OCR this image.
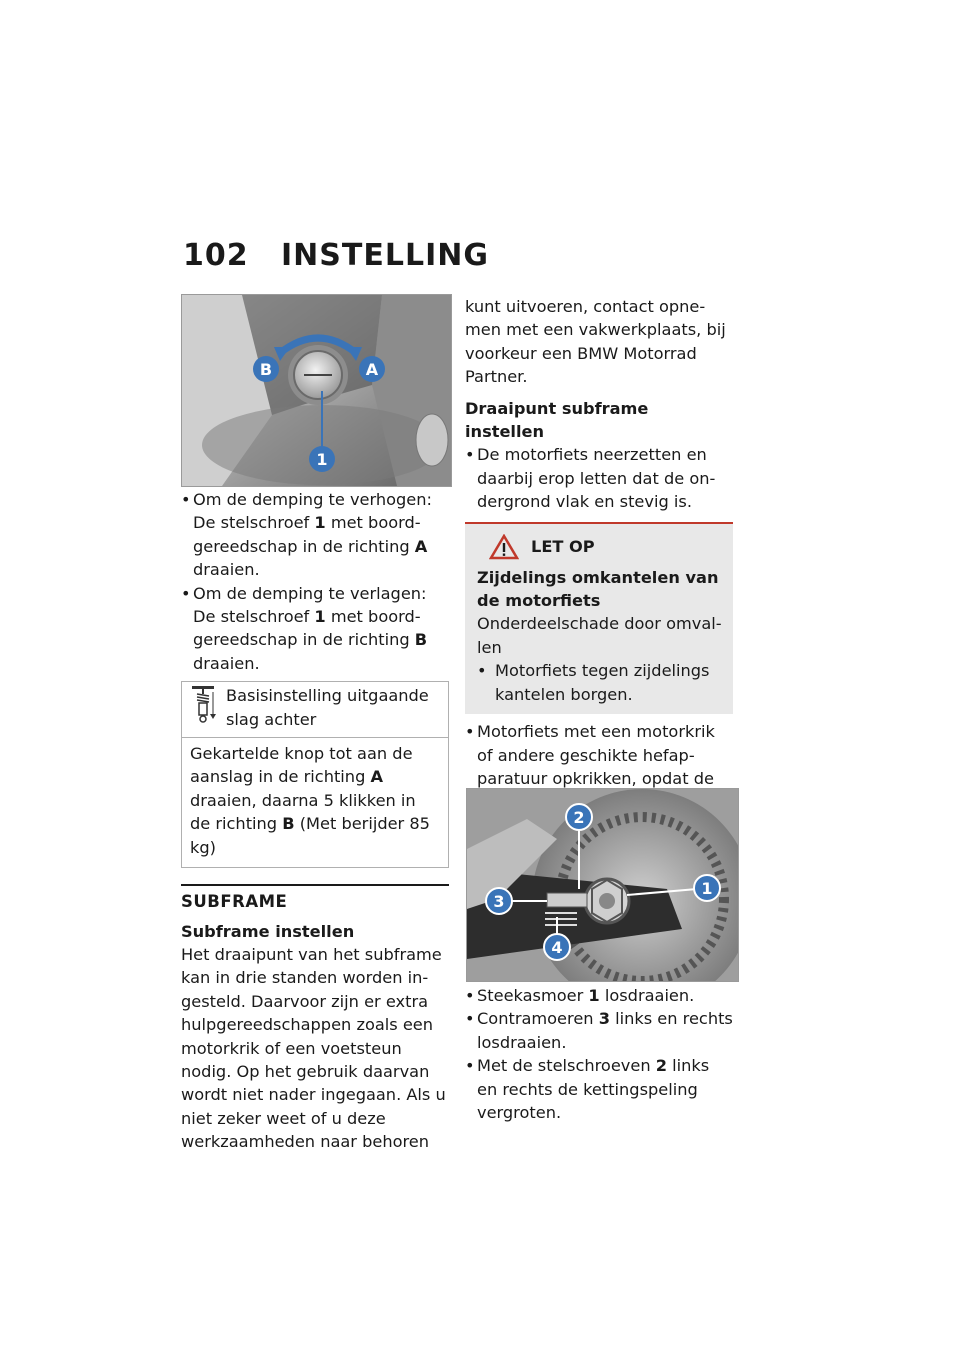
102 INSTELLING
B	A
1
• Om de demping te verhogen: De stelschroef 1 met boordgereedschap in de richting A draaien.
• Om de demping te verlagen: De stelschroef 1 met boordgereedschap in de richting B draaien.
Basisinstelling uitgaande slag achter
Gekartelde knop tot aan de aanslag in de richting A draaien, daarna 5 klikken in de richting B (Met berijder 85 kg)
SUBFRAME
Subframe instellen
Het draaipunt van het subframe kan in drie standen worden ingesteld. Daarvoor zijn er extra hulpgereedschappen zoals een motorkrik of een voetsteun nodig. Op het gebruik daarvan wordt niet nader ingegaan. Als u niet zeker weet of u deze werkzaamheden naar behoren
kunt uitvoeren, contact opnemen met een vakwerkplaats, bij voorkeur een BMW Motorrad Partner.
Draaipunt subframe instellen
• De motorfiets neerzetten en daarbij erop letten dat de ondergrond vlak en stevig is.
LET OP
Zijdelings omkantelen van de motorfiets
Onderdeelschade door omvallen
• Motorfiets tegen zijdelings kantelen borgen.
• Motorfiets met een motorkrik of andere geschikte hefapparatuur opkrikken, opdat de
2
1
3
4
• Steekasmoer 1 losdraaien.
• Contramoeren 3 links en rechts losdraaien.
• Met de stelschroeven 2 links en rechts de kettingspeling vergroten.
